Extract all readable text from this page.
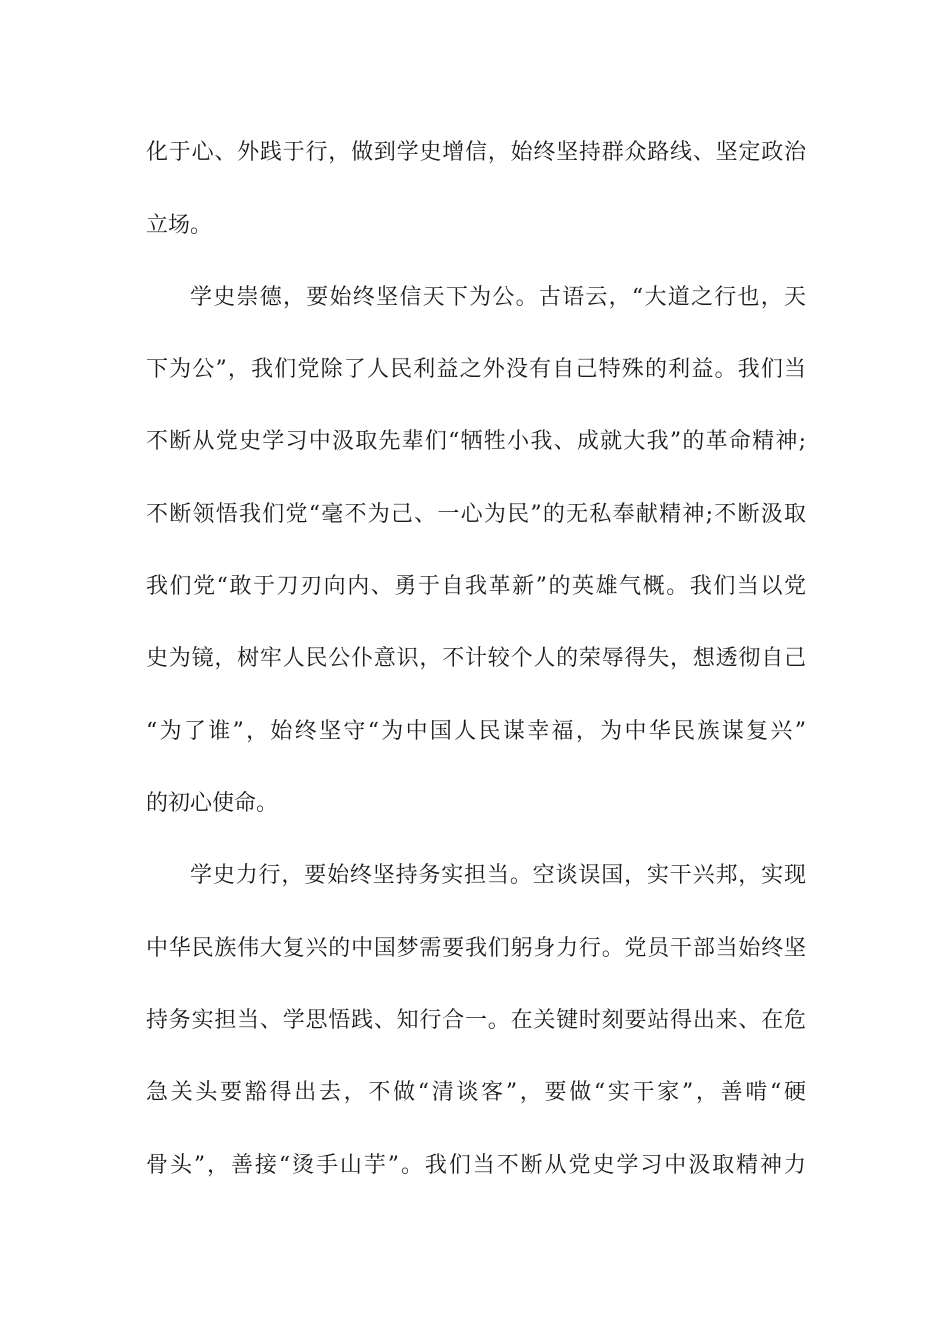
化于心、外践于行，做到学史增信，始终坚持群众路线、坚定政治
立场。
学史崇德，要始终坚信天下为公。古语云，“大道之行也，天
下为公”，我们党除了人民利益之外没有自己特殊的利益。我们当
不断从党史学习中汲取先辈们“牺牲小我、成就大我”的革命精神;
不断领悟我们党“毫不为己、一心为民”的无私奉献精神;不断汲取
我们党“敢于刀刃向内、勇于自我革新”的英雄气概。我们当以党
史为镜，树牢人民公仆意识，不计较个人的荣辱得失，想透彻自己
“为了谁”，始终坚守“为中国人民谋幸福，为中华民族谋复兴”
的初心使命。
学史力行，要始终坚持务实担当。空谈误国，实干兴邦，实现
中华民族伟大复兴的中国梦需要我们躬身力行。党员干部当始终坚
持务实担当、学思悟践、知行合一。在关键时刻要站得出来、在危
急关头要豁得出去，不做“清谈客”，要做“实干家”，善啃“硬
骨头”，善接“烫手山芋”。我们当不断从党史学习中汲取精神力
